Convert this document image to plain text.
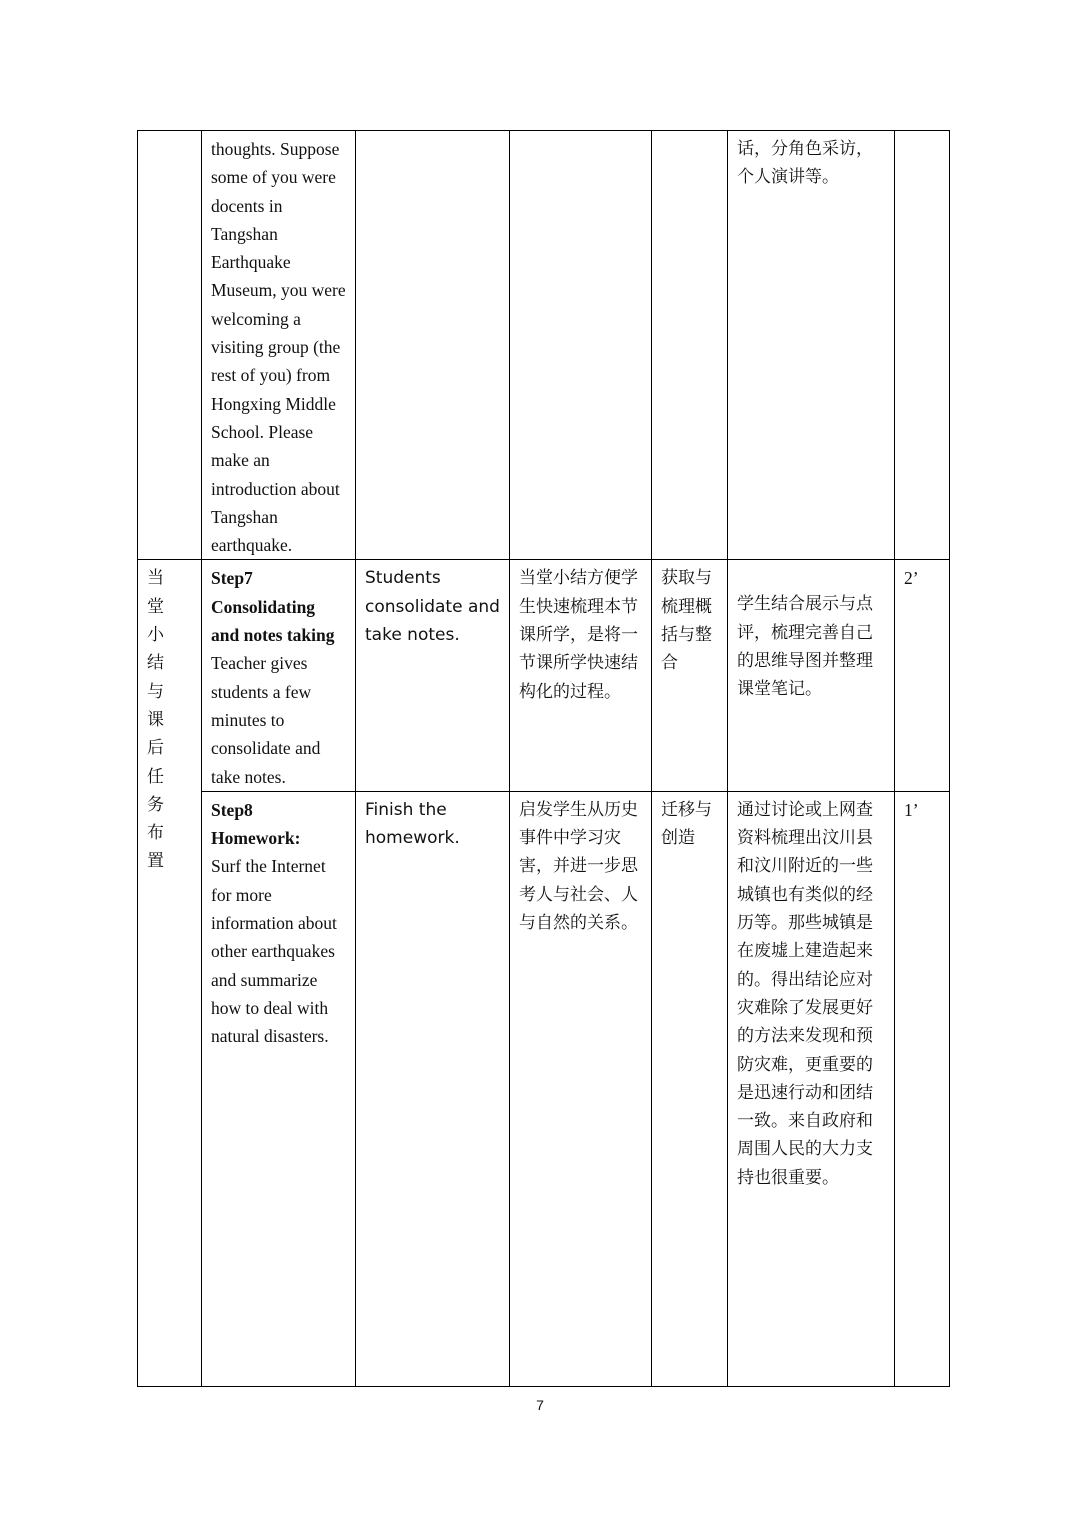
	thoughts. Suppose some of you were docents in Tangshan Earthquake Museum, you were welcoming a visiting group (the rest of you) from Hongxing Middle School. Please make an introduction about Tangshan earthquake.				话，分角色采访，个人演讲等。	
当堂小结与课后任务布置	Step7
Consolidating and notes taking
Teacher gives students a few minutes to consolidate and take notes.	Students consolidate and take notes.	当堂小结方便学生快速梳理本节课所学，是将一节课所学快速结构化的过程。	获取与梳理概括与整合	学生结合展示与点评，梳理完善自己的思维导图并整理课堂笔记。	2’

	Step8
Homework:
Surf the Internet for more information about other earthquakes and summarize how to deal with natural disasters.	Finish the homework.	启发学生从历史事件中学习灾害，并进一步思考人与社会、人与自然的关系。	迁移与创造	通过讨论或上网查资料梳理出汶川县和汶川附近的一些城镇也有类似的经历等。那些城镇是在废墟上建造起来的。得出结论应对灾难除了发展更好的方法来发现和预防灾难，更重要的是迅速行动和团结一致。来自政府和周围人民的大力支持也很重要。	1’
7
